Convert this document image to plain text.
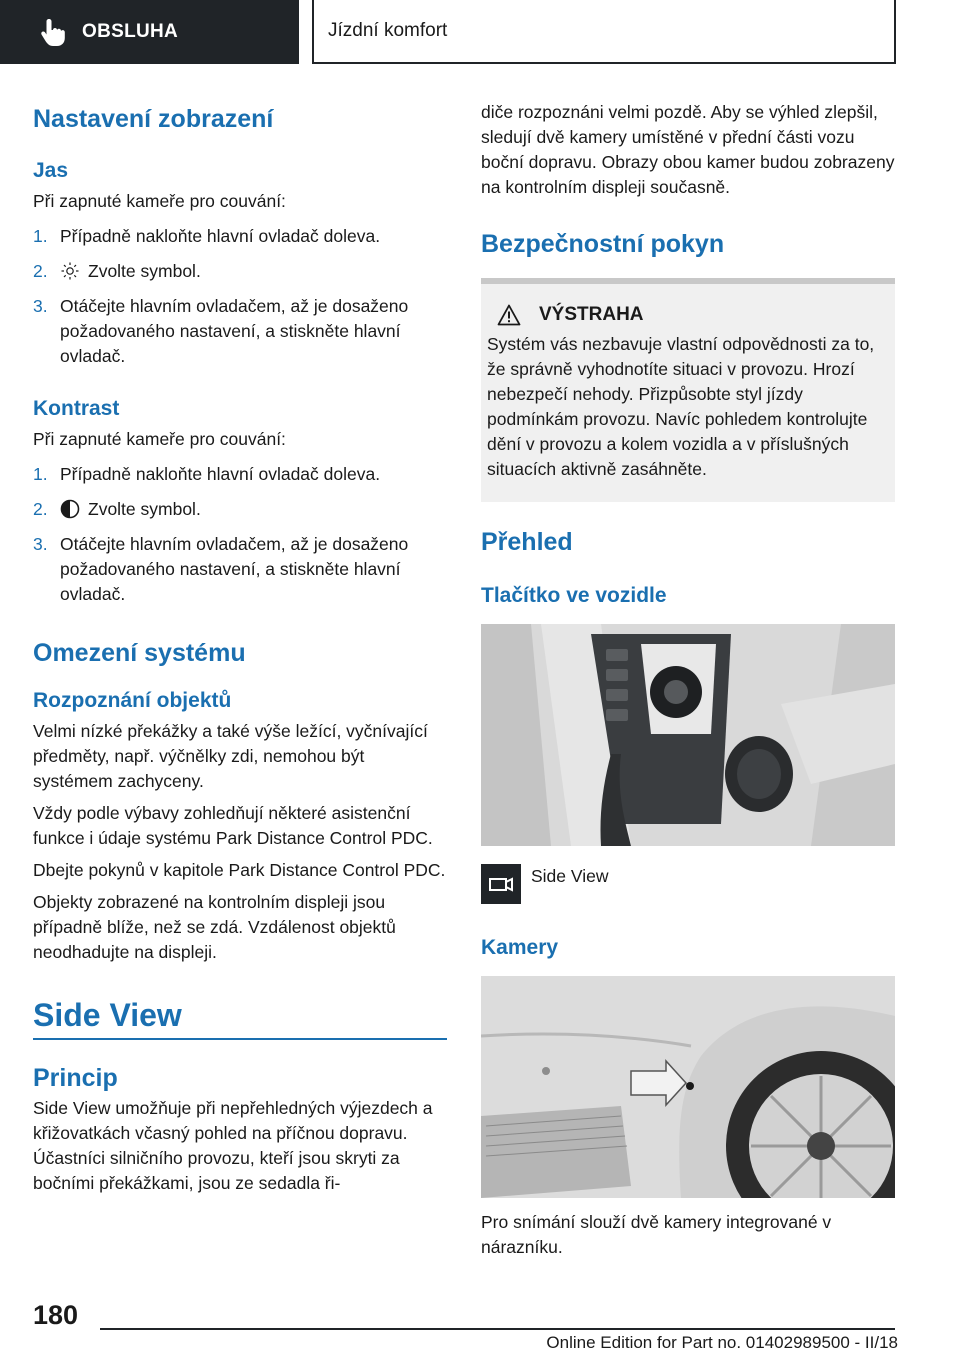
OBSLUHA	Jízdní komfort
Nastavení zobrazení
Jas
Při zapnuté kameře pro couvání:
1. Případně nakloňte hlavní ovladač doleva.
2.	Zvolte symbol.
3. Otáčejte hlavním ovladačem, až je dosaženo požadovaného nastavení, a stiskněte hlavní ovladač.
Kontrast
Při zapnuté kameře pro couvání:
1. Případně nakloňte hlavní ovladač doleva.
2.	Zvolte symbol.
3. Otáčejte hlavním ovladačem, až je dosaženo požadovaného nastavení, a stiskněte hlavní ovladač.
Omezení systému
Rozpoznání objektů
Velmi nízké překážky a také výše ležící, vyčnívající předměty, např. výčnělky zdi, nemohou být systémem zachyceny.
Vždy podle výbavy zohledňují některé asistenční funkce i údaje systému Park Distance Control PDC.
Dbejte pokynů v kapitole Park Distance Control PDC.
Objekty zobrazené na kontrolním displeji jsou případně blíže, než se zdá. Vzdálenost objektů neodhadujte na displeji.
Side View
Princip
Side View umožňuje při nepřehledných výjezdech a křižovatkách včasný pohled na příčnou dopravu. Účastníci silničního provozu, kteří jsou skryti za bočními překážkami, jsou ze sedadla ři-
diče rozpoznáni velmi pozdě. Aby se výhled zlepšil, sledují dvě kamery umístěné v přední části vozu boční dopravu. Obrazy obou kamer budou zobrazeny na kontrolním displeji současně.
Bezpečnostní pokyn
VÝSTRAHA
Systém vás nezbavuje vlastní odpovědnosti za to, že správně vyhodnotíte situaci v provozu. Hrozí nebezpečí nehody. Přizpůsobte styl jízdy podmínkám provozu. Navíc pohledem kontrolujte dění v provozu a kolem vozidla a v příslušných situacích aktivně zasáhněte.
Přehled
Tlačítko ve vozidle
Side View
Kamery
Pro snímání slouží dvě kamery integrované v nárazníku.
180
Online Edition for Part no. 01402989500 - II/18
